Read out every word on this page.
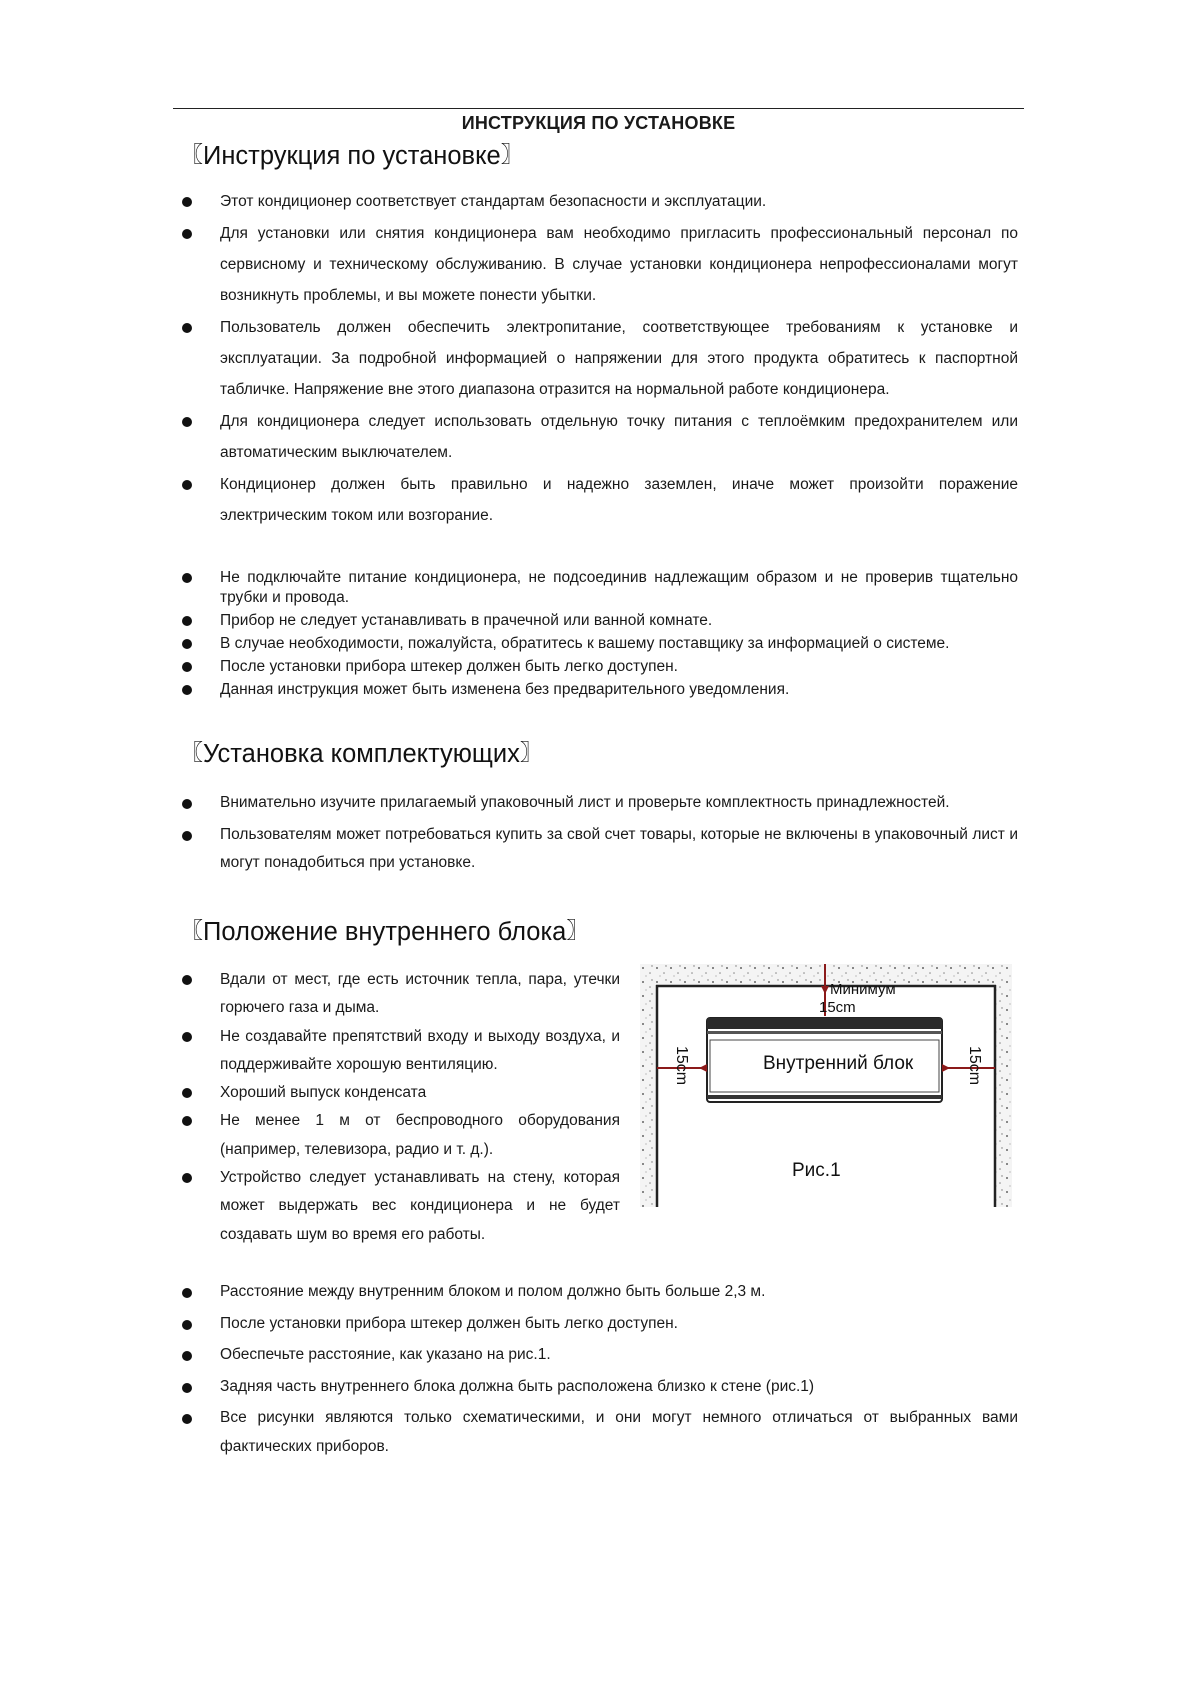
ИНСТРУКЦИЯ ПО УСТАНОВКЕ
〖Инструкция по установке〗
Этот кондиционер соответствует стандартам безопасности и эксплуатации.
Для установки или снятия кондиционера вам необходимо пригласить профессиональный персонал по сервисному и техническому обслуживанию. В случае установки кондиционера непрофессионалами могут возникнуть проблемы, и вы можете понести убытки.
Пользователь должен обеспечить электропитание, соответствующее требованиям к установке и эксплуатации. За подробной информацией о напряжении для этого продукта обратитесь к паспортной табличке. Напряжение вне этого диапазона отразится на нормальной работе кондиционера.
Для кондиционера следует использовать отдельную точку питания с теплоёмким предохранителем или автоматическим выключателем.
Кондиционер должен быть правильно и надежно заземлен, иначе может произойти поражение электрическим током или возгорание.
Не подключайте питание кондиционера, не подсоединив надлежащим образом и не проверив тщательно трубки и провода.
Прибор не следует устанавливать в прачечной или ванной комнате.
В случае необходимости, пожалуйста, обратитесь к вашему поставщику за информацией о системе.
После установки прибора штекер должен быть легко доступен.
Данная инструкция может быть изменена без предварительного уведомления.
〖Установка комплектующих〗
Внимательно изучите прилагаемый упаковочный лист и проверьте комплектность принадлежностей.
Пользователям может потребоваться купить за свой счет товары, которые не включены в упаковочный лист и могут понадобиться при установке.
〖Положение внутреннего блока〗
Вдали от мест, где есть источник тепла, пара, утечки горючего газа и дыма.
Не создавайте препятствий входу и выходу воздуха, и поддерживайте хорошую вентиляцию.
Хороший выпуск конденсата
Не менее 1 м от беспроводного оборудования (например, телевизора, радио и т. д.).
Устройство следует устанавливать на стену, которая может выдержать вес кондиционера и не будет создавать шум во время его работы.
Минимум
15cm
15cm	15cm
Внутренний блок
Рис.1
Расстояние между внутренним блоком и полом должно быть больше 2,3 м.
После установки прибора штекер должен быть легко доступен.
Обеспечьте расстояние, как указано на рис.1.
Задняя часть внутреннего блока должна быть расположена близко к стене (рис.1)
Все рисунки являются только схематическими, и они могут немного отличаться от выбранных вами фактических приборов.
